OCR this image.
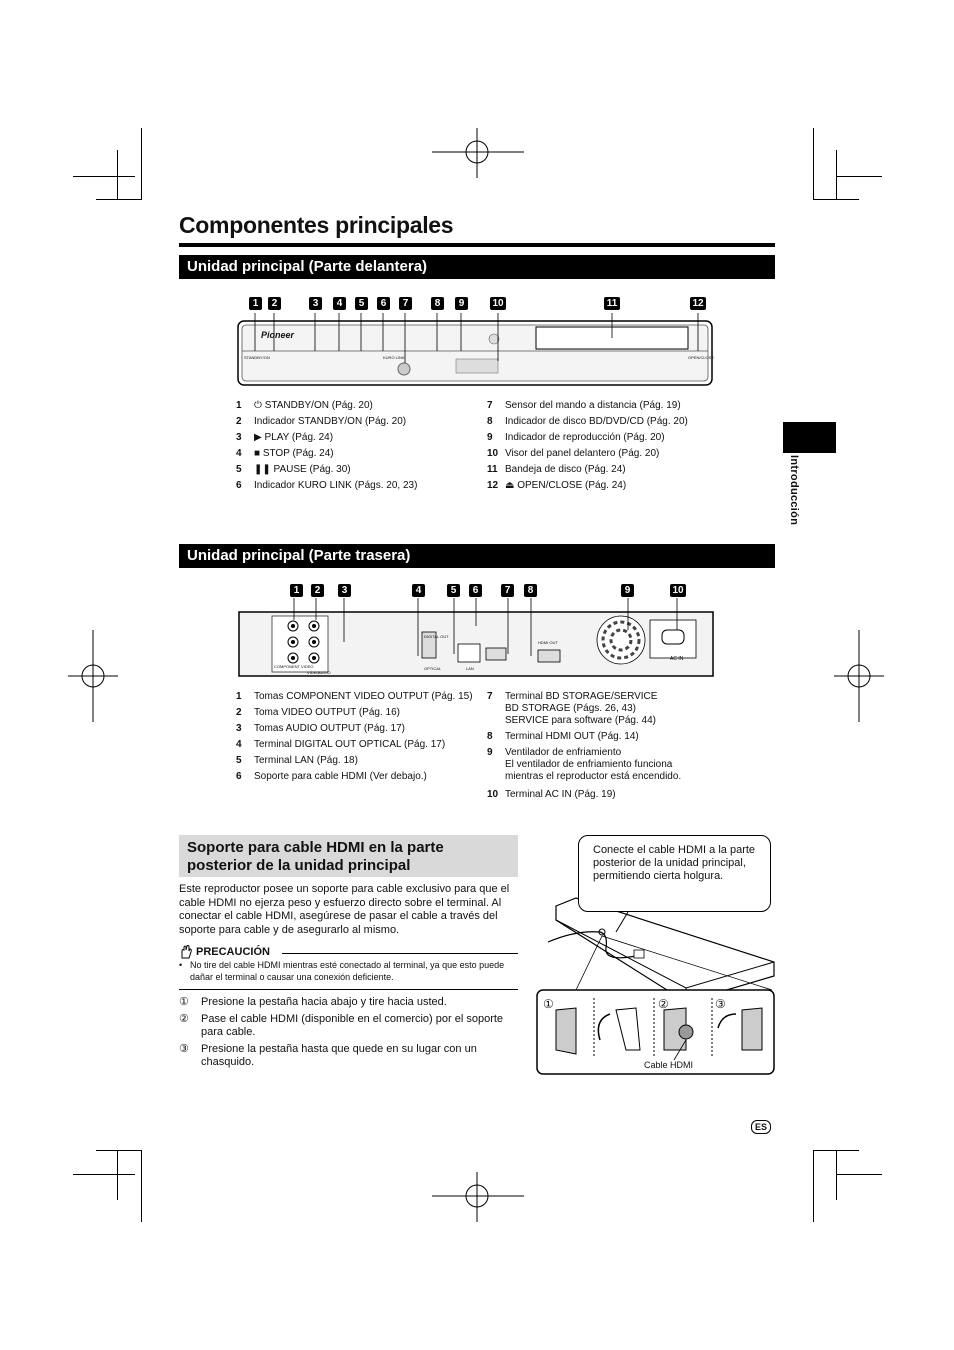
Componentes principales
Introducción
Unidad principal (Parte delantera)
1	2	3	4	5	6	7	8	9	10	11	12
Pioneer
STANDBY/ON	KURO LINK	OPEN/CLOSE
1	⏻ STANDBY/ON (Pág. 20)
2	Indicador STANDBY/ON (Pág. 20)
3	▶ PLAY (Pág. 24)
4	■ STOP (Pág. 24)
5	❚❚ PAUSE (Pág. 30)
6	Indicador KURO LINK (Págs. 20, 23)
7	Sensor del mando a distancia (Pág. 19)
8	Indicador de disco BD/DVD/CD (Pág. 20)
9	Indicador de reproducción (Pág. 20)
10 Visor del panel delantero (Pág. 20)
11 Bandeja de disco (Pág. 24)
12 ⏏ OPEN/CLOSE (Pág. 24)
Unidad principal (Parte trasera)
1	2	3	4	5	6	7	8	9	10
COMPONENT VIDEO
VIDEO
AUDIO
DIGITAL OUT
OPTICAL	LAN
HDMI OUT
AC IN
1	Tomas COMPONENT VIDEO OUTPUT (Pág. 15)
2	Toma VIDEO OUTPUT (Pág. 16)
3	Tomas AUDIO OUTPUT (Pág. 17)
4	Terminal DIGITAL OUT OPTICAL (Pág. 17)
5	Terminal LAN (Pág. 18)
6	Soporte para cable HDMI (Ver debajo.)
7	Terminal BD STORAGE/SERVICE
BD STORAGE (Págs. 26, 43)
SERVICE para software (Pág. 44)
8	Terminal HDMI OUT (Pág. 14)
9	Ventilador de enfriamiento
El ventilador de enfriamiento funciona
mientras el reproductor está encendido.
10 Terminal AC IN (Pág. 19)
Soporte para cable HDMI en la parte
posterior de la unidad principal
Este reproductor posee un soporte para cable exclusivo para que el cable HDMI no ejerza peso y esfuerzo directo sobre el terminal. Al conectar el cable HDMI, asegúrese de pasar el cable a través del soporte para cable y de asegurarlo al mismo.
PRECAUCIÓN
• No tire del cable HDMI mientras esté conectado al terminal, ya que esto puede dañar el terminal o causar una conexión deficiente.
①	Presione la pestaña hacia abajo y tire hacia usted.
②	Pase el cable HDMI (disponible en el comercio) por el soporte para cable.
③	Presione la pestaña hasta que quede en su lugar con un chasquido.
①	②	③
Cable HDMI
Conecte el cable HDMI a la parte posterior de la unidad principal, permitiendo cierta holgura.
ES
